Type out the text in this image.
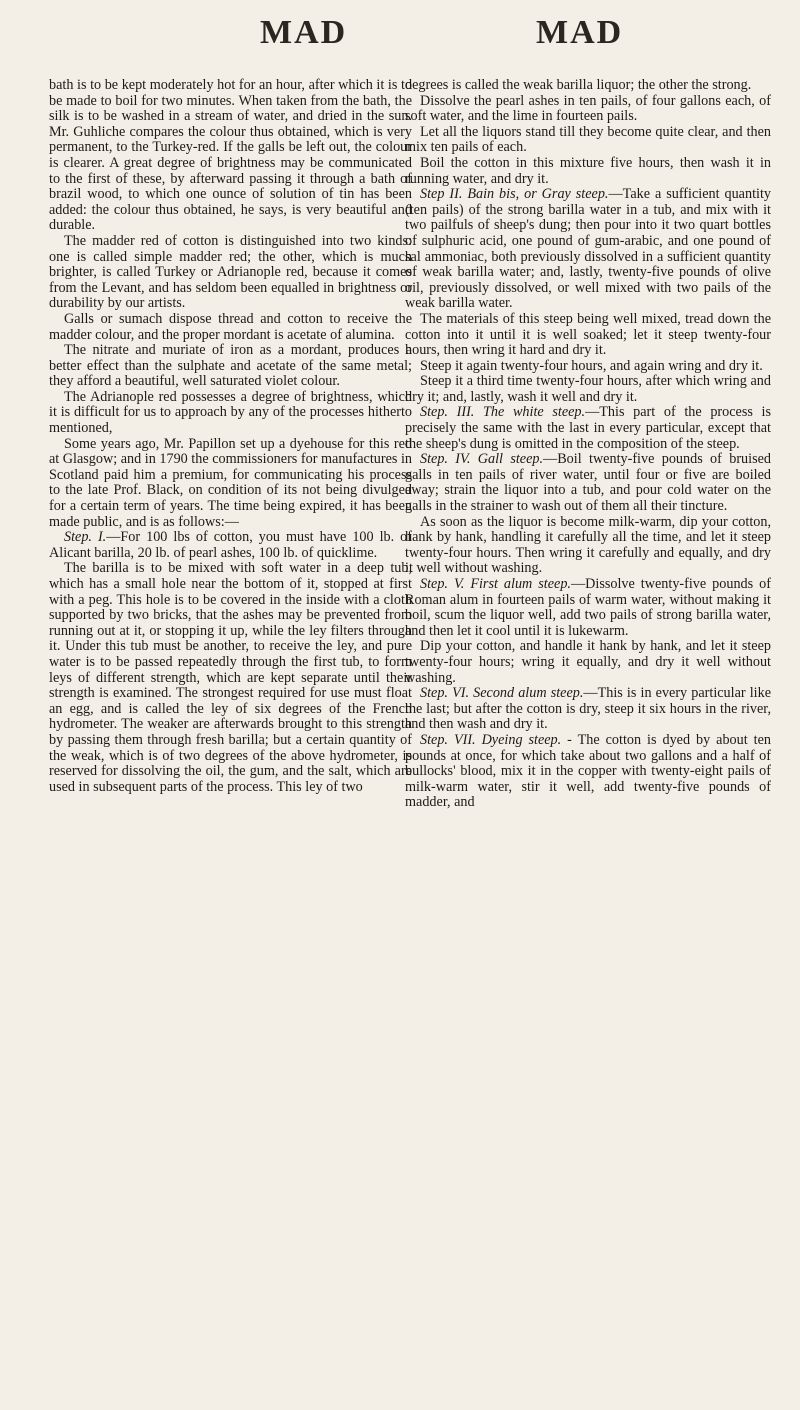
MAD	MAD

bath is to be kept moderately hot for an hour, after which it is to be made to boil for two minutes. When taken from the bath, the silk is to be washed in a stream of water, and dried in the sun. Mr. Guhliche compares the colour thus obtained, which is very permanent, to the Turkey-red. If the galls be left out, the colour is clearer. A great degree of brightness may be communicated to the first of these, by afterward passing it through a bath of brazil wood, to which one ounce of solution of tin has been added: the colour thus obtained, he says, is very beautiful and durable.

The madder red of cotton is distinguished into two kinds: one is called simple madder red; the other, which is much brighter, is called Turkey or Adrianople red, because it comes from the Levant, and has seldom been equalled in brightness or durability by our artists.

Galls or sumach dispose thread and cotton to receive the madder colour, and the proper mordant is acetate of alumina.

The nitrate and muriate of iron as a mordant, produces a better effect than the sulphate and acetate of the same metal; they afford a beautiful, well saturated violet colour.

The Adrianople red possesses a degree of brightness, which it is difficult for us to approach by any of the processes hitherto mentioned,

Some years ago, Mr. Papillon set up a dyehouse for this red at Glasgow; and in 1790 the commissioners for manufactures in Scotland paid him a premium, for communicating his process to the late Prof. Black, on condition of its not being divulged for a certain term of years. The time being expired, it has been made public, and is as follows:—

Step. I.—For 100 lbs of cotton, you must have 100 lb. of Alicant barilla, 20 lb. of pearl ashes, 100 lb. of quicklime.

The barilla is to be mixed with soft water in a deep tub, which has a small hole near the bottom of it, stopped at first with a peg. This hole is to be covered in the inside with a cloth supported by two bricks, that the ashes may be prevented from running out at it, or stopping it up, while the ley filters through it. Under this tub must be another, to receive the ley, and pure water is to be passed repeatedly through the first tub, to form leys of different strength, which are kept separate until their strength is examined. The strongest required for use must float an egg, and is called the ley of six degrees of the French hydrometer. The weaker are afterwards brought to this strength by passing them through fresh barilla; but a certain quantity of the weak, which is of two degrees of the above hydrometer, is reserved for dissolving the oil, the gum, and the salt, which are used in subsequent parts of the process. This ley of two

degrees is called the weak barilla liquor; the other the strong.

Dissolve the pearl ashes in ten pails, of four gallons each, of soft water, and the lime in fourteen pails.

Let all the liquors stand till they become quite clear, and then mix ten pails of each.

Boil the cotton in this mixture five hours, then wash it in running water, and dry it.

Step II. Bain bis, or Gray steep.—Take a sufficient quantity (ten pails) of the strong barilla water in a tub, and mix with it two pailfuls of sheep's dung; then pour into it two quart bottles of sulphuric acid, one pound of gum-arabic, and one pound of sal ammoniac, both previously dissolved in a sufficient quantity of weak barilla water; and, lastly, twenty-five pounds of olive oil, previously dissolved, or well mixed with two pails of the weak barilla water.

The materials of this steep being well mixed, tread down the cotton into it until it is well soaked; let it steep twenty-four hours, then wring it hard and dry it.

Steep it again twenty-four hours, and again wring and dry it.

Steep it a third time twenty-four hours, after which wring and dry it; and, lastly, wash it well and dry it.

Step. III. The white steep.—This part of the process is precisely the same with the last in every particular, except that the sheep's dung is omitted in the composition of the steep.

Step. IV. Gall steep.—Boil twenty-five pounds of bruised galls in ten pails of river water, until four or five are boiled away; strain the liquor into a tub, and pour cold water on the galls in the strainer to wash out of them all their tincture.

As soon as the liquor is become milk-warm, dip your cotton, hank by hank, handling it carefully all the time, and let it steep twenty-four hours. Then wring it carefully and equally, and dry it well without washing.

Step. V. First alum steep.—Dissolve twenty-five pounds of Roman alum in fourteen pails of warm water, without making it boil, scum the liquor well, add two pails of strong barilla water, and then let it cool until it is lukewarm.

Dip your cotton, and handle it hank by hank, and let it steep twenty-four hours; wring it equally, and dry it well without washing.

Step. VI. Second alum steep.—This is in every particular like the last; but after the cotton is dry, steep it six hours in the river, and then wash and dry it.

Step. VII. Dyeing steep. - The cotton is dyed by about ten pounds at once, for which take about two gallons and a half of bullocks' blood, mix it in the copper with twenty-eight pails of milk-warm water, stir it well, add twenty-five pounds of madder, and
